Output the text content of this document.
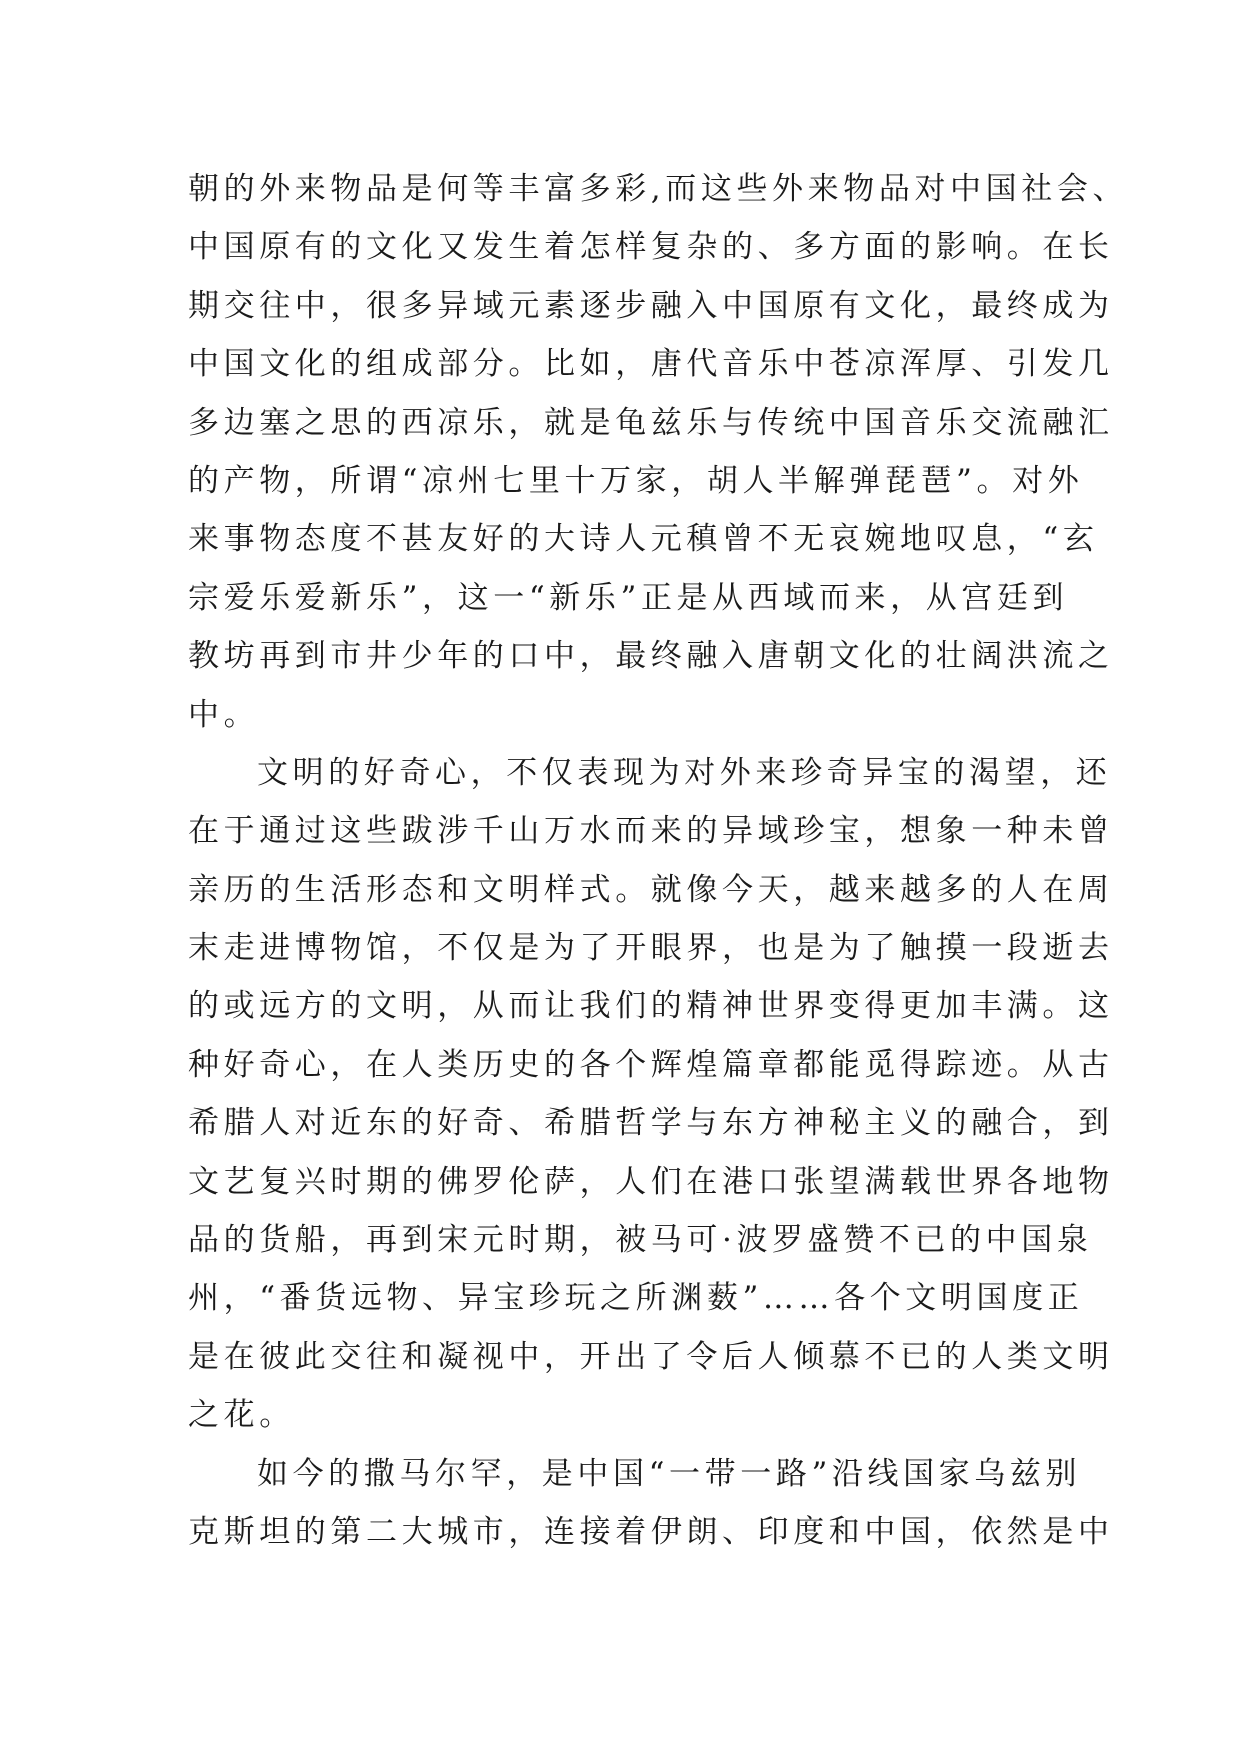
朝的外来物品是何等丰富多彩,而这些外来物品对中国社会、
中国原有的文化又发生着怎样复杂的、多方面的影响。在长
期交往中，很多异域元素逐步融入中国原有文化，最终成为
中国文化的组成部分。比如，唐代音乐中苍凉浑厚、引发几
多边塞之思的西凉乐，就是龟兹乐与传统中国音乐交流融汇
的产物，所谓“凉州七里十万家，胡人半解弹琵琶”。对外
来事物态度不甚友好的大诗人元稹曾不无哀婉地叹息，“玄
宗爱乐爱新乐”，这一“新乐”正是从西域而来，从宫廷到
教坊再到市井少年的口中，最终融入唐朝文化的壮阔洪流之
中。
文明的好奇心，不仅表现为对外来珍奇异宝的渴望，还
在于通过这些跋涉千山万水而来的异域珍宝，想象一种未曾
亲历的生活形态和文明样式。就像今天，越来越多的人在周
末走进博物馆，不仅是为了开眼界，也是为了触摸一段逝去
的或远方的文明，从而让我们的精神世界变得更加丰满。这
种好奇心，在人类历史的各个辉煌篇章都能觅得踪迹。从古
希腊人对近东的好奇、希腊哲学与东方神秘主义的融合，到
文艺复兴时期的佛罗伦萨，人们在港口张望满载世界各地物
品的货船，再到宋元时期，被马可·波罗盛赞不已的中国泉
州，“番货远物、异宝珍玩之所渊薮”……各个文明国度正
是在彼此交往和凝视中，开出了令后人倾慕不已的人类文明
之花。
如今的撒马尔罕，是中国“一带一路”沿线国家乌兹别
克斯坦的第二大城市，连接着伊朗、印度和中国，依然是中
